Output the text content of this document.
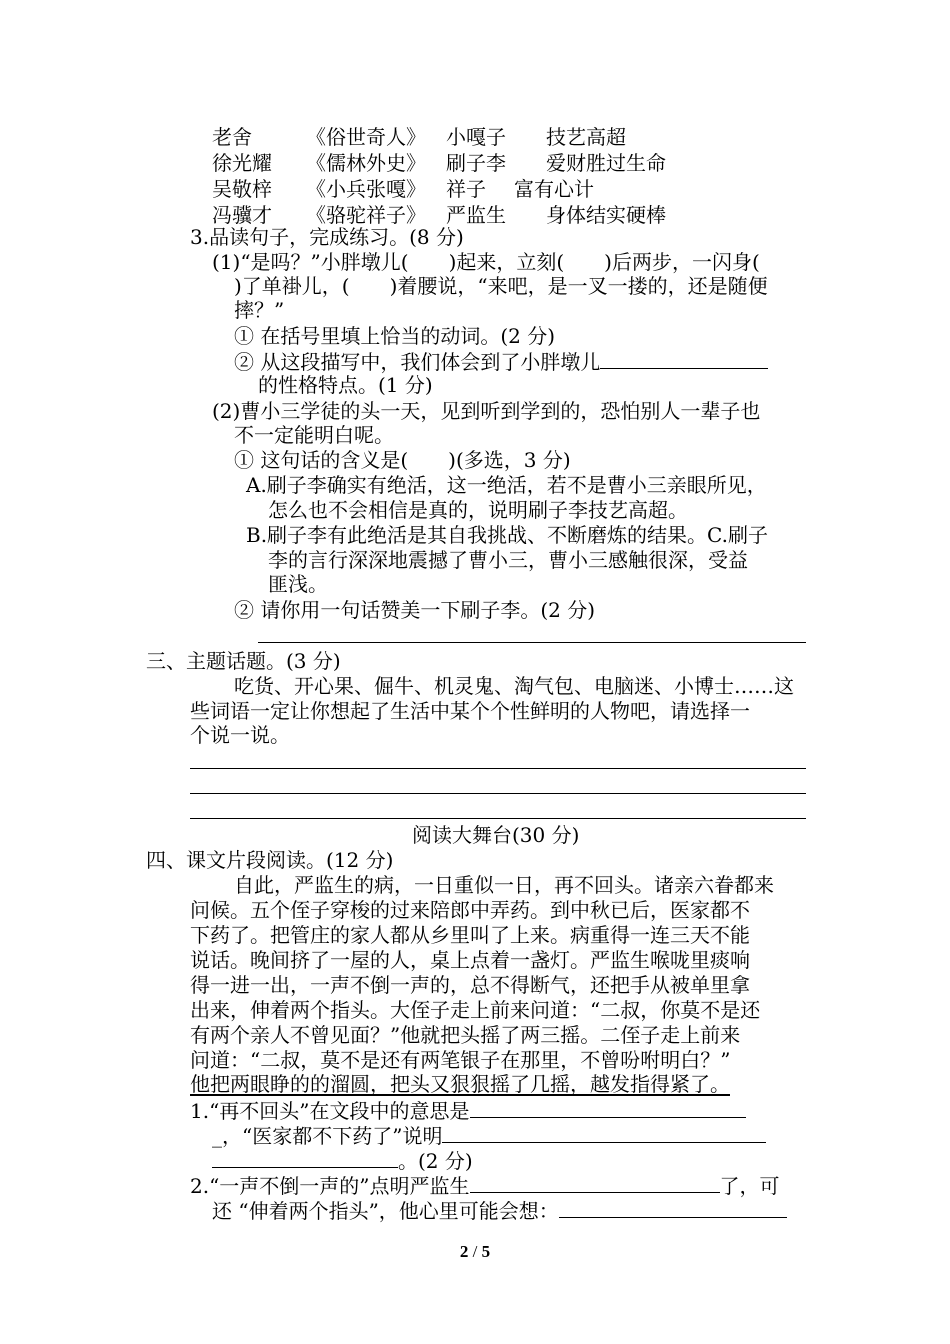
老舍
徐光耀
吴敬梓
冯骥才
《俗世奇人》
《儒林外史》
《小兵张嘎》
《骆驼祥子》
小嘎子
刷子李
祥子
严监生
技艺高超
爱财胜过生命
富有心计
身体结实硬棒
3.品读句子，完成练习。(8 分)
(1)“是吗？”小胖墩儿(　　)起来，立刻(　　)后两步，一闪身(
)了单褂儿，(　　)着腰说，“来吧，是一叉一搂的，还是随便
摔？”
① 在括号里填上恰当的动词。(2 分)
② 从这段描写中，我们体会到了小胖墩儿
的性格特点。(1 分)
(2)曹小三学徒的头一天，见到听到学到的，恐怕别人一辈子也
不一定能明白呢。
① 这句话的含义是(　　)(多选，3 分)
A.刷子李确实有绝活，这一绝活，若不是曹小三亲眼所见，
怎么也不会相信是真的，说明刷子李技艺高超。
B.刷子李有此绝活是其自我挑战、不断磨炼的结果。C.刷子
李的言行深深地震撼了曹小三，曹小三感触很深，受益
匪浅。
② 请你用一句话赞美一下刷子李。(2 分)
三、主题话题。(3 分)
吃货、开心果、倔牛、机灵鬼、淘气包、电脑迷、小博士……这
些词语一定让你想起了生活中某个个性鲜明的人物吧，请选择一
个说一说。
阅读大舞台(30 分)
四、课文片段阅读。(12 分)
自此，严监生的病，一日重似一日，再不回头。诸亲六眷都来
问候。五个侄子穿梭的过来陪郎中弄药。到中秋已后，医家都不
下药了。把管庄的家人都从乡里叫了上来。病重得一连三天不能
说话。晚间挤了一屋的人，桌上点着一盏灯。严监生喉咙里痰响
得一进一出，一声不倒一声的，总不得断气，还把手从被单里拿
出来，伸着两个指头。大侄子走上前来问道：“二叔，你莫不是还
有两个亲人不曾见面？”他就把头摇了两三摇。二侄子走上前来
问道：“二叔，莫不是还有两笔银子在那里，不曾吩咐明白？”
他把两眼睁的的溜圆，把头又狠狠摇了几摇，越发指得紧了。
1.“再不回头”在文段中的意思是
_，“医家都不下药了”说明
。(2 分)
2.“一声不倒一声的”点明严监生	了，可
还 “伸着两个指头”，他心里可能会想：
2 / 5
